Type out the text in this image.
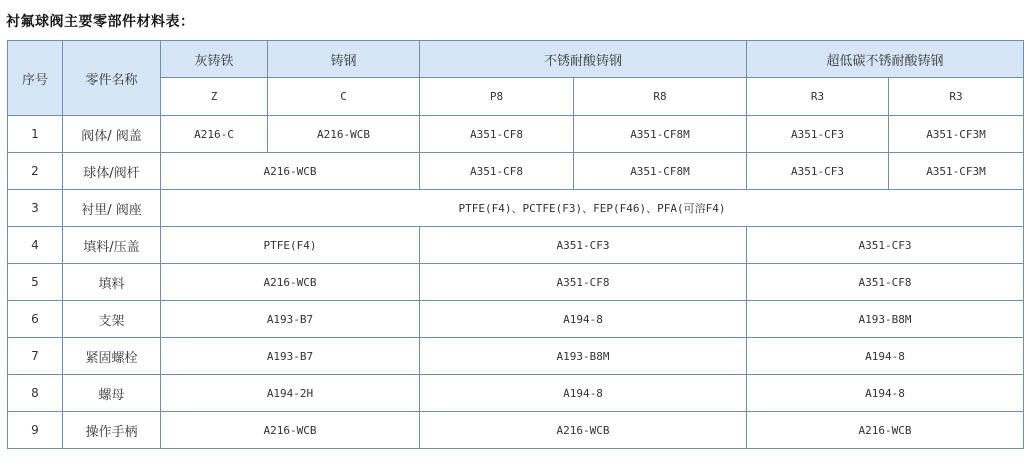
衬氟球阀主要零部件材料表：
序号	零件名称	灰铸铁	铸钢	不锈耐酸铸钢		超低碳不锈耐酸铸钢	
		Z	C	P8	R8	R3	R3
1	阀体/ 阀盖	A216-C	A216-WCB	A351-CF8	A351-CF8M	A351-CF3	A351-CF3M
2	球体/阀杆	A216-WCB		A351-CF8	A351-CF8M	A351-CF3	A351-CF3M
3	衬里/ 阀座	PTFE(F4)、PCTFE(F3)、FEP(F46)、PFA(可溶F4)					
4	填料/压盖	PTFE(F4)		A351-CF3		A351-CF3	
5	填料	A216-WCB		A351-CF8		A351-CF8	
6	支架	A193-B7		A194-8		A193-B8M	
7	紧固螺栓	A193-B7		A193-B8M		A194-8	
8	螺母	A194-2H		A194-8		A194-8	
9	操作手柄	A216-WCB		A216-WCB		A216-WCB	
